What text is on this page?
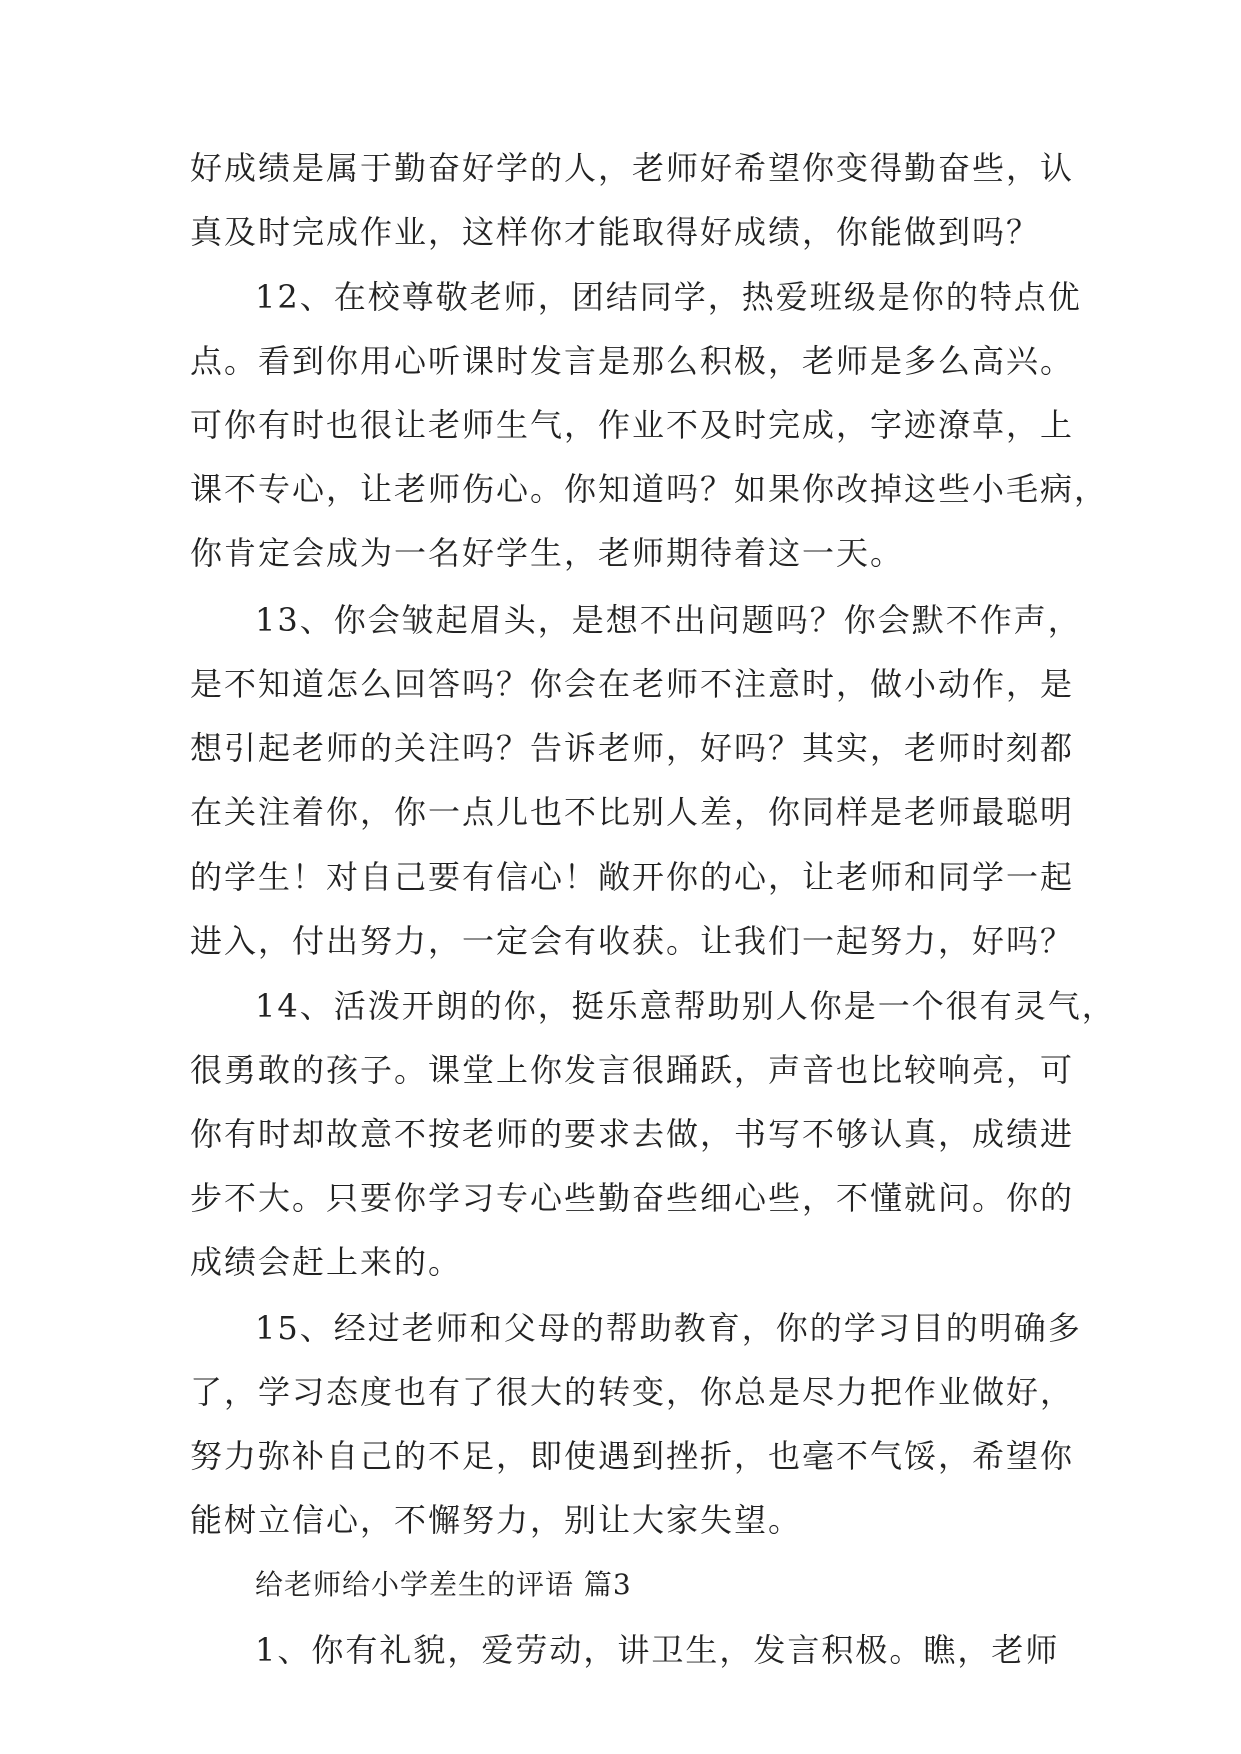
好成绩是属于勤奋好学的人，老师好希望你变得勤奋些，认
真及时完成作业，这样你才能取得好成绩，你能做到吗？
12、在校尊敬老师，团结同学，热爱班级是你的特点优
点。看到你用心听课时发言是那么积极，老师是多么高兴。
可你有时也很让老师生气，作业不及时完成，字迹潦草，上
课不专心，让老师伤心。你知道吗？如果你改掉这些小毛病，
你肯定会成为一名好学生，老师期待着这一天。
13、你会皱起眉头，是想不出问题吗？你会默不作声，
是不知道怎么回答吗？你会在老师不注意时，做小动作，是
想引起老师的关注吗？告诉老师，好吗？其实，老师时刻都
在关注着你，你一点儿也不比别人差，你同样是老师最聪明
的学生！对自己要有信心！敞开你的心，让老师和同学一起
进入，付出努力，一定会有收获。让我们一起努力，好吗？
14、活泼开朗的你，挺乐意帮助别人你是一个很有灵气，
很勇敢的孩子。课堂上你发言很踊跃，声音也比较响亮，可
你有时却故意不按老师的要求去做，书写不够认真，成绩进
步不大。只要你学习专心些勤奋些细心些，不懂就问。你的
成绩会赶上来的。
15、经过老师和父母的帮助教育，你的学习目的明确多
了，学习态度也有了很大的转变，你总是尽力把作业做好，
努力弥补自己的不足，即使遇到挫折，也毫不气馁，希望你
能树立信心，不懈努力，别让大家失望。
给老师给小学差生的评语 篇3
1、你有礼貌，爱劳动，讲卫生，发言积极。瞧，老师
